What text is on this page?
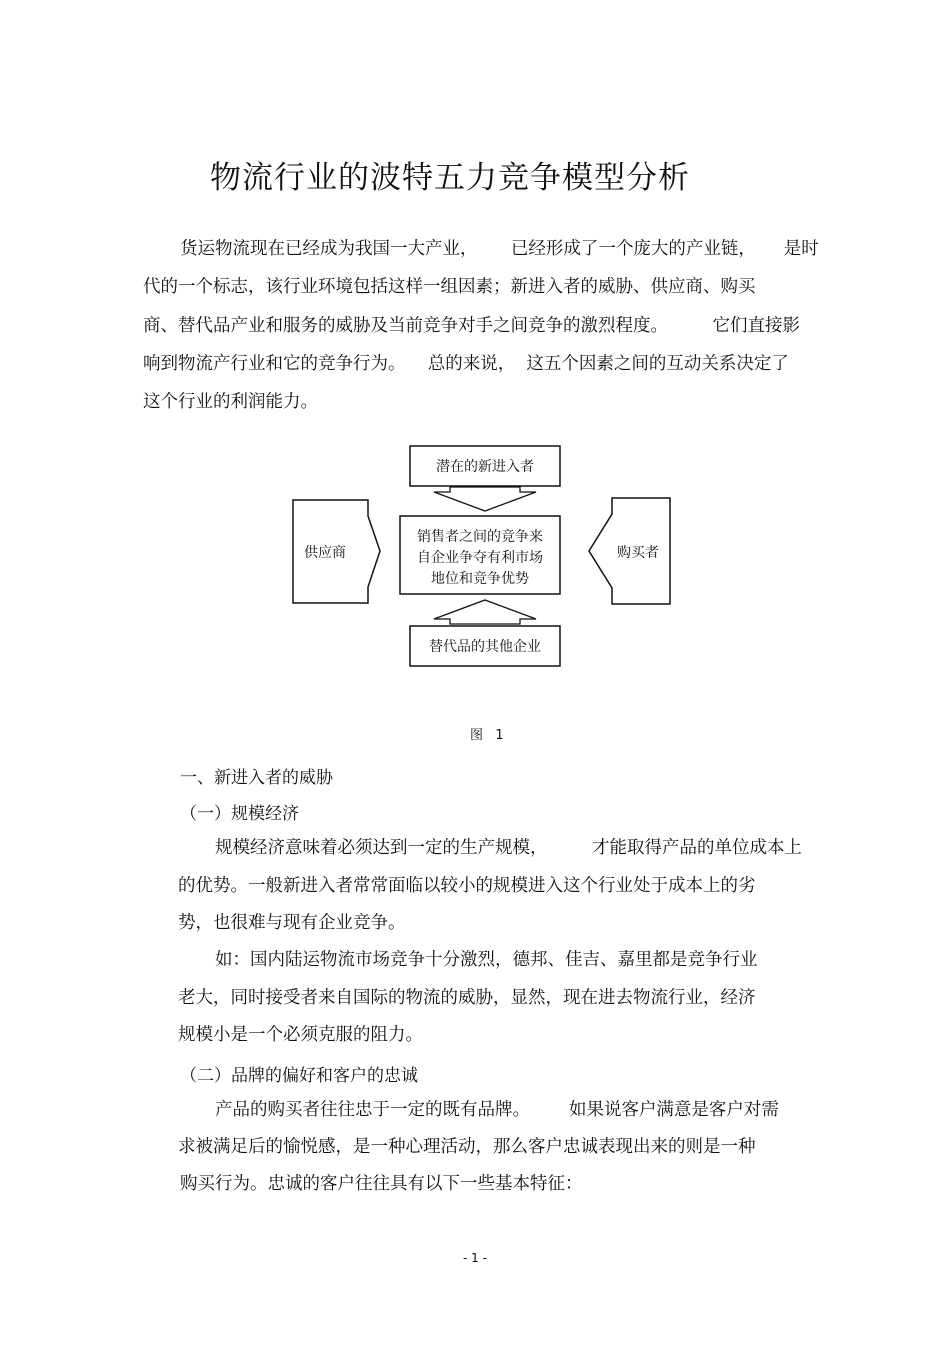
物流行业的波特五力竞争模型分析
货运物流现在已经成为我国一大产业，      已经形成了一个庞大的产业链，     是时
代的一个标志，该行业环境包括这样一组因素；新进入者的威胁、供应商、购买
商、替代品产业和服务的威胁及当前竞争对手之间竞争的激烈程度。        它们直接影
响到物流产行业和它的竞争行为。    总的来说，  这五个因素之间的互动关系决定了
这个行业的利润能力。
潜在的新进入者
销售者之间的竞争来
自企业争夺有利市场
地位和竞争优势
供应商	购买者
替代品的其他企业
图   1
一、新进入者的威胁
（一）规模经济
规模经济意味着必须达到一定的生产规模，        才能取得产品的单位成本上
的优势。一般新进入者常常面临以较小的规模进入这个行业处于成本上的劣
势，也很难与现有企业竞争。
如：国内陆运物流市场竞争十分激烈，德邦、佳吉、嘉里都是竞争行业
老大，同时接受者来自国际的物流的威胁，显然，现在进去物流行业，经济
规模小是一个必须克服的阻力。
（二）品牌的偏好和客户的忠诚
产品的购买者往往忠于一定的既有品牌。       如果说客户满意是客户对需
求被满足后的愉悦感，是一种心理活动，那么客户忠诚表现出来的则是一种
购买行为。忠诚的客户往往具有以下一些基本特征：
- 1 -
